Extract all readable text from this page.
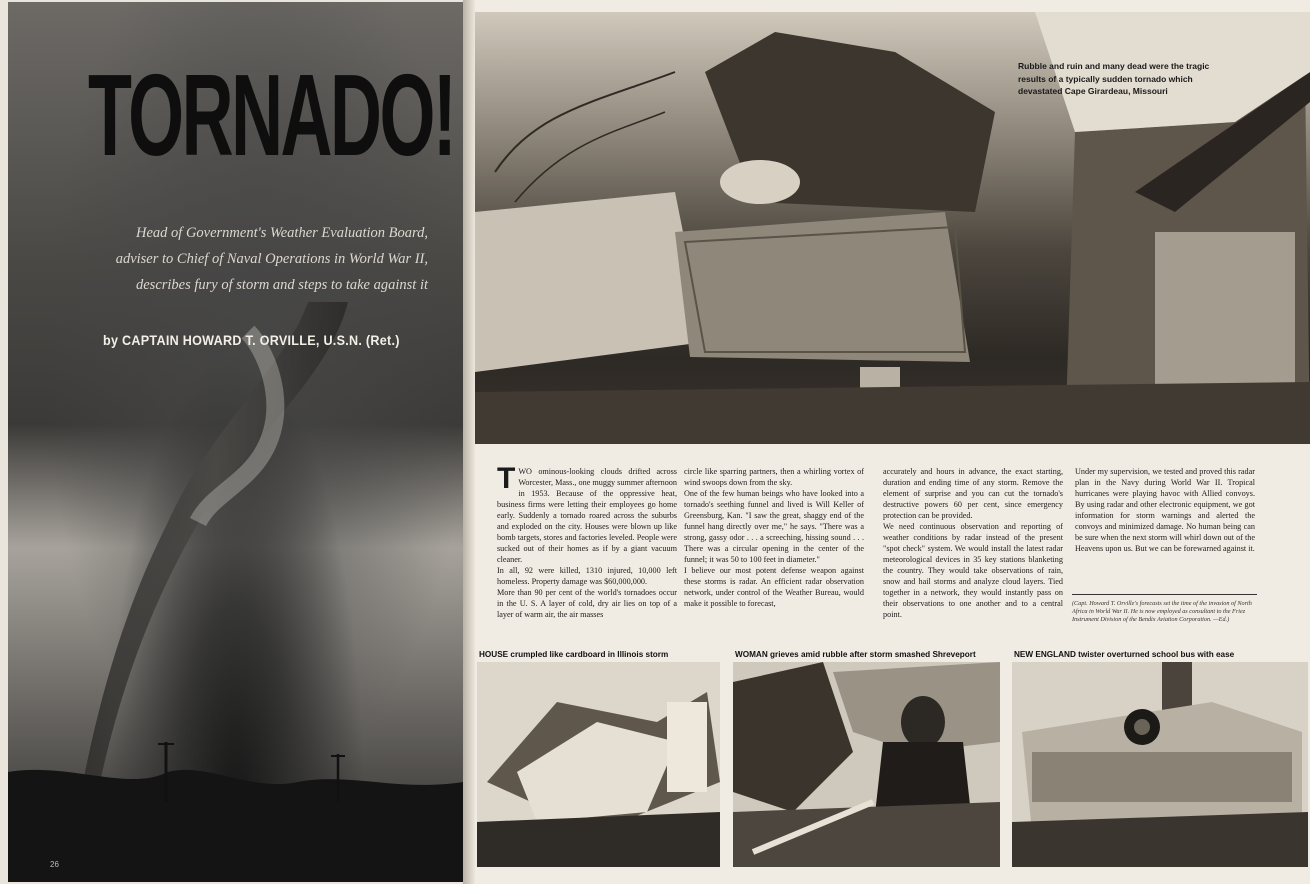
TORNADO!
Head of Government's Weather Evaluation Board,
adviser to Chief of Naval Operations in World War II,
describes fury of storm and steps to take against it
by CAPTAIN HOWARD T. ORVILLE, U.S.N. (Ret.)
26
Rubble and ruin and many dead were the tragic results of a typically sudden tornado which devastated Cape Girardeau, Missouri

TWO ominous-looking clouds drifted across Worcester, Mass., one muggy summer afternoon in 1953. Because of the oppressive heat, business firms were letting their employees go home early. Suddenly a tornado roared across the suburbs and exploded on the city. Houses were blown up like bomb targets, stores and factories leveled. People were sucked out of their homes as if by a giant vacuum cleaner.

In all, 92 were killed, 1310 injured, 10,000 left homeless. Property damage was $60,000,000.

More than 90 per cent of the world's tornadoes occur in the U. S. A layer of cold, dry air lies on top of a layer of warm air, the air masses

circle like sparring partners, then a whirling vortex of wind swoops down from the sky.

One of the few human beings who have looked into a tornado's seething funnel and lived is Will Keller of Greensburg, Kan. "I saw the great, shaggy end of the funnel hang directly over me," he says. "There was a strong, gassy odor . . . a screeching, hissing sound . . . There was a circular opening in the center of the funnel; it was 50 to 100 feet in diameter."

I believe our most potent defense weapon against these storms is radar. An efficient radar observation network, under control of the Weather Bureau, would make it possible to forecast,

accurately and hours in advance, the exact starting, duration and ending time of any storm. Remove the element of surprise and you can cut the tornado's destructive powers 60 per cent, since emergency protection can be provided.

We need continuous observation and reporting of weather conditions by radar instead of the present "spot check" system. We would install the latest radar meteorological devices in 35 key stations blanketing the country. They would take observations of rain, snow and hail storms and analyze cloud layers. Tied together in a network, they would instantly pass on their observations to one another and to a central point.

Under my supervision, we tested and proved this radar plan in the Navy during World War II. Tropical hurricanes were playing havoc with Allied convoys. By using radar and other electronic equipment, we got information for storm warnings and alerted the convoys and minimized damage. No human being can be sure when the next storm will whirl down out of the Heavens upon us. But we can be forewarned against it.

(Capt. Howard T. Orville's forecasts set the time of the invasion of North Africa in World War II. He is now employed as consultant to the Friez Instrument Division of the Bendix Aviation Corporation. —Ed.)
HOUSE crumpled like cardboard in Illinois storm	WOMAN grieves amid rubble after storm smashed Shreveport	NEW ENGLAND twister overturned school bus with ease
